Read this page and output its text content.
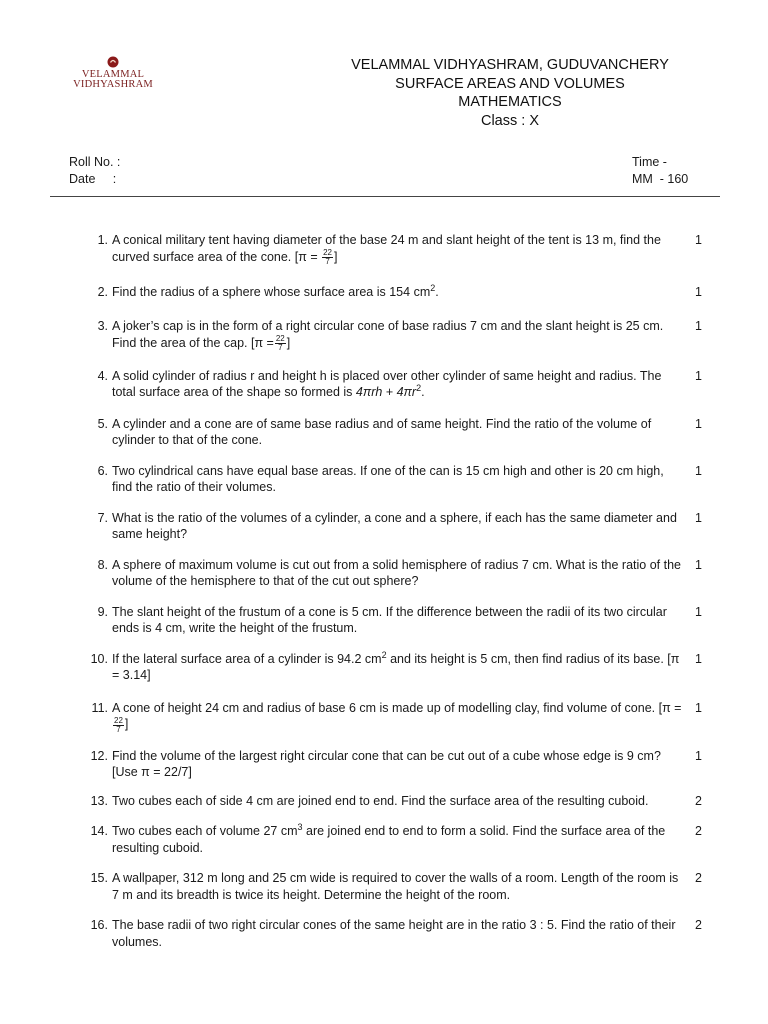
VELAMMAL
VIDHYASHRAM
VELAMMAL VIDHYASHRAM, GUDUVANCHERY
SURFACE AREAS AND VOLUMES
MATHEMATICS
Class : X
Roll No. :
Date     :
Time -
MM  - 160
1. A conical military tent having diameter of the base 24 m and slant height of the tent is 13 m, find the curved surface area of the cone. [$\pi = \frac{22}{7}$ ]
1
2. Find the radius of a sphere whose surface area is 154 $cm^2$.	1
3. A joker’s cap is in the form of a right circular cone of base radius 7 cm and the slant height is 25 cm. Find the area of the cap. [$\pi = \frac{22}{7}$ ]
1
4. A solid cylinder of radius r and height h is placed over other cylinder of same height and radius. The total surface area of the shape so formed is $4\pi rh + 4\pi r^2$.
1
5. A cylinder and a cone are of same base radius and of same height. Find the ratio of the volume of cylinder to that of the cone.
1
6. Two cylindrical cans have equal base areas. If one of the can is 15 cm high and other is 20 cm high, find the ratio of their volumes.
1
7. What is the ratio of the volumes of a cylinder, a cone and a sphere, if each has the same diameter and same height?
1
8. A sphere of maximum volume is cut out from a solid hemisphere of radius 7 cm. What is the ratio of the volume of the hemisphere to that of the cut out sphere?
1
9. The slant height of the frustum of a cone is 5 cm. If the difference between the radii of its two circular ends is 4 cm, write the height of the frustum.
1
10. If the lateral surface area of a cylinder is 94.2 $cm^2$ and its height is 5 cm, then find radius of its base. [π = 3.14]
1
11. A cone of height 24 cm and radius of base 6 cm is made up of modelling clay, find volume of cone. [π =
$\frac{22}{7}$ ]
1
12. Find the volume of the largest right circular cone that can be cut out of a cube whose edge is 9 cm? [Use π = 22/7]
1
13. Two cubes each of side 4 cm are joined end to end. Find the surface area of the resulting cuboid.	2
14. Two cubes each of volume 27 $cm^3$ are joined end to end to form a solid. Find the surface area of the resulting cuboid.
2
15. A wallpaper, 312 m long and 25 cm wide is required to cover the walls of a room. Length of the room is 7 m and its breadth is twice its height. Determine the height of the room.
2
16. The base radii of two right circular cones of the same height are in the ratio 3 : 5. Find the ratio of their volumes.
2
